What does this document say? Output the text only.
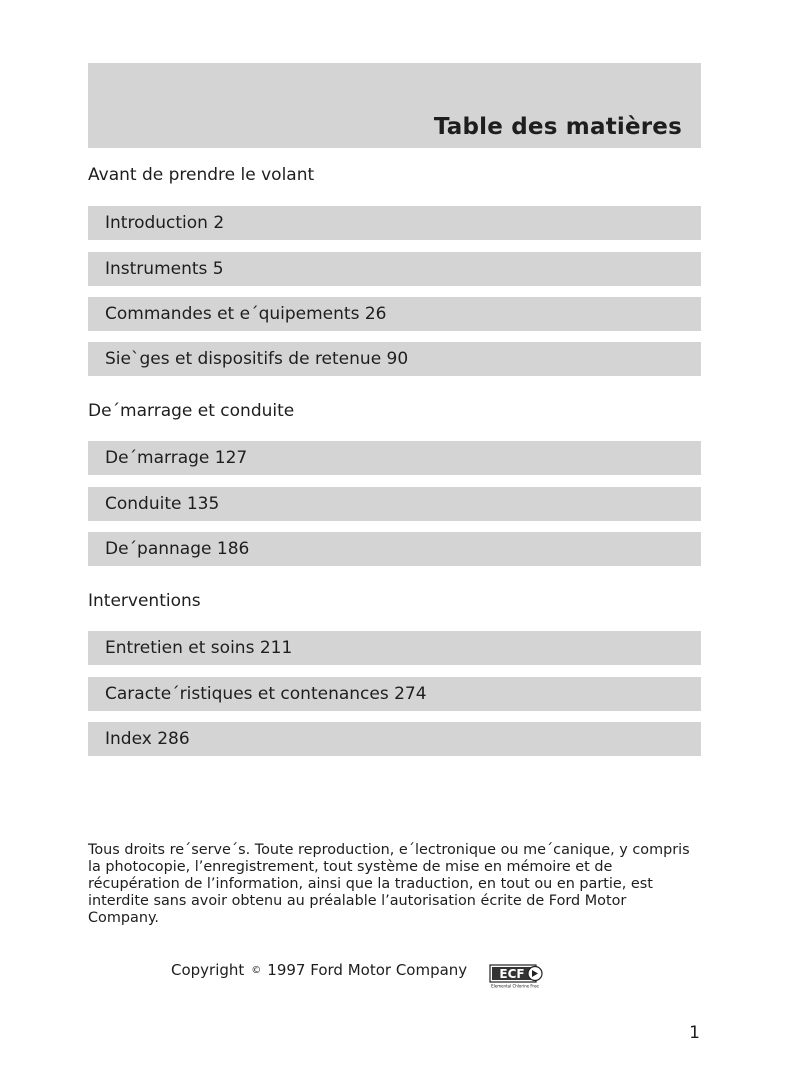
Table des matières
Avant de prendre le volant
Introduction 2
Instruments 5
Commandes et e´quipements 26
Sie`ges et dispositifs de retenue 90
De´marrage et conduite
De´marrage 127
Conduite 135
De´pannage 186
Interventions
Entretien et soins 211
Caracte´ristiques et contenances 274
Index 286
Tous droits re´serve´s. Toute reproduction, e´lectronique ou me´canique, y compris
la photocopie, l’enregistrement, tout système de mise en mémoire et de
récupération de l’information, ainsi que la traduction, en tout ou en partie, est
interdite sans avoir obtenu au préalable l’autorisation écrite de Ford Motor
Company.
Copyright © 1997 Ford Motor Company	ECF
Elemental Chlorine Free
1
